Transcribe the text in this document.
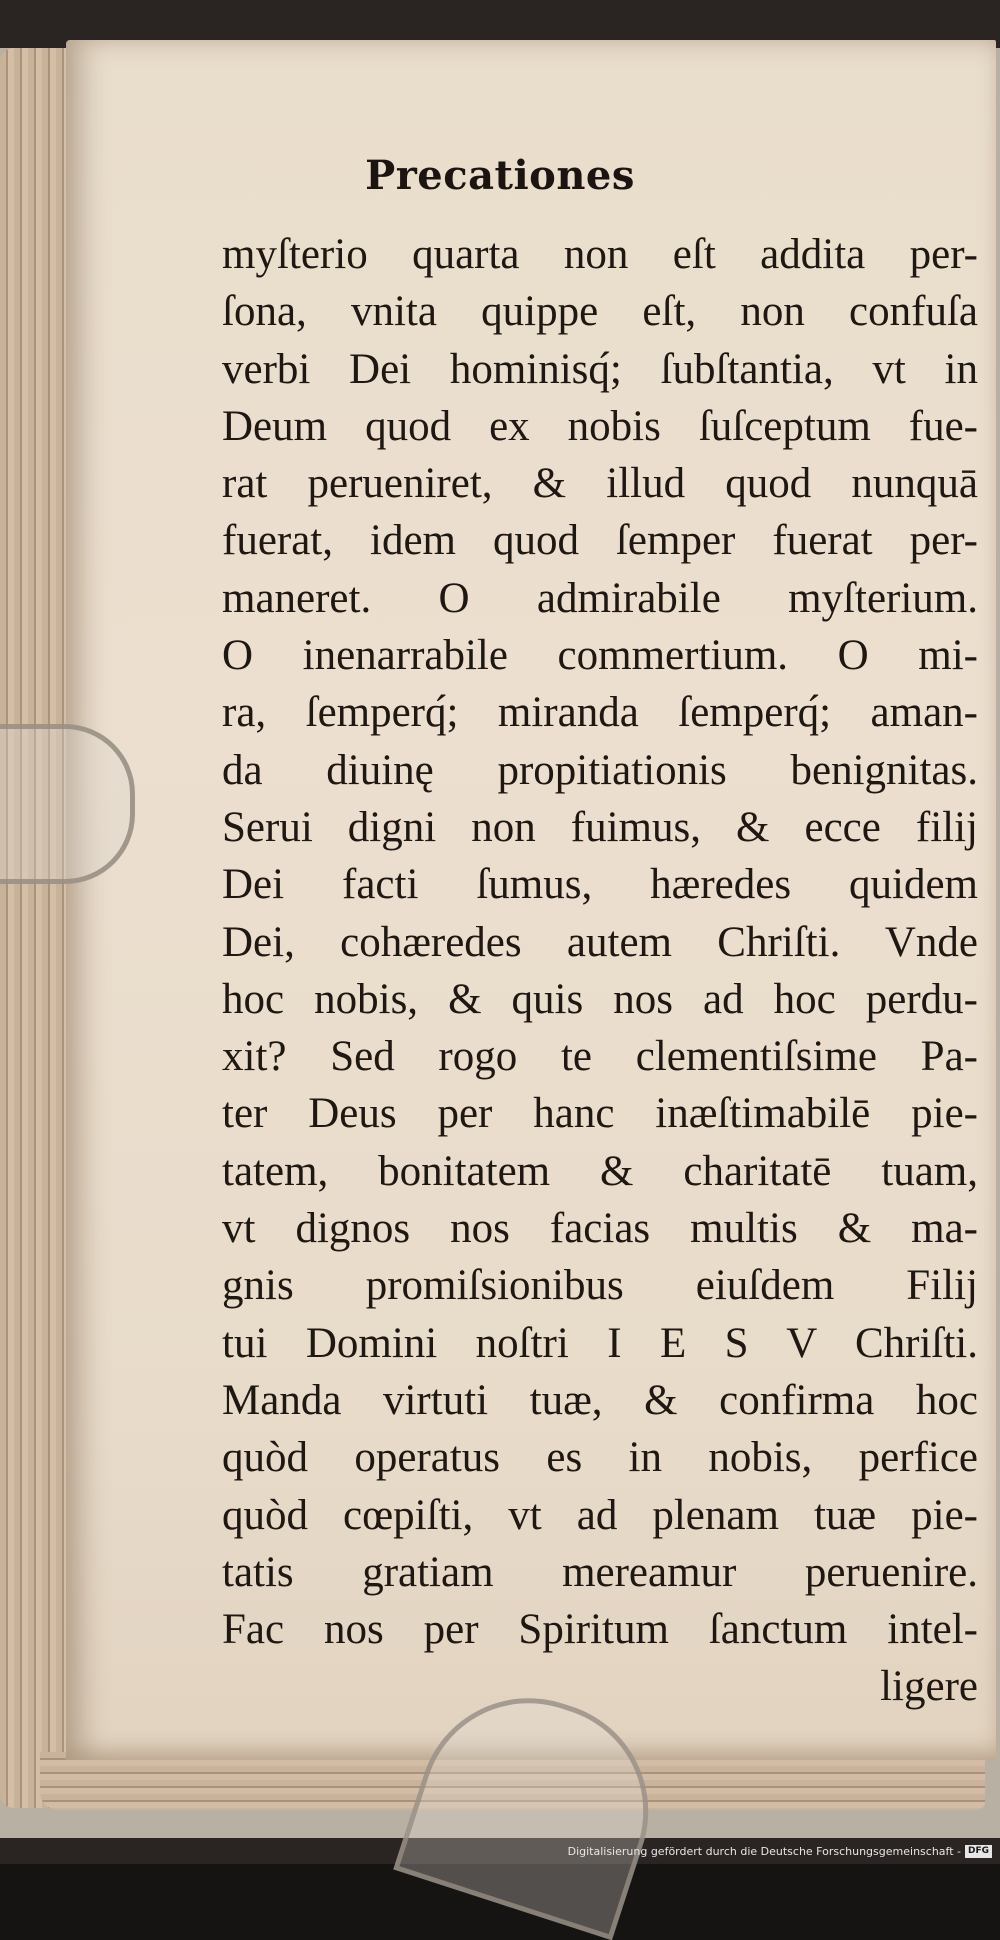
Precationes
myſterio quarta non eſt addita per-
ſona, vnita quippe eſt, non confuſa
verbi Dei hominisq́; ſubſtantia, vt in
Deum quod ex nobis ſuſceptum fue-
rat perueniret, & illud quod nunquā
fuerat, idem quod ſemper fuerat per-
maneret. O admirabile myſterium.
O inenarrabile commertium. O mi-
ra, ſemperq́; miranda ſemperq́; aman-
da diuinę propitiationis benignitas.
Serui digni non fuimus, & ecce filij
Dei facti ſumus, hæredes quidem
Dei, cohæredes autem Chriſti. Vnde
hoc nobis, & quis nos ad hoc perdu-
xit? Sed rogo te clementiſsime Pa-
ter Deus per hanc inæſtimabilē pie-
tatem, bonitatem & charitatē tuam,
vt dignos nos facias multis & ma-
gnis promiſsionibus eiuſdem Filij
tui Domini noſtri I E S V Chriſti.
Manda virtuti tuæ, & confirma hoc
quòd operatus es in nobis, perfice
quòd cœpiſti, vt ad plenam tuæ pie-
tatis gratiam mereamur peruenire.
Fac nos per Spiritum ſanctum intel-
ligere
Digitalisierung gefördert durch die Deutsche Forschungsgemeinschaft - DFG
